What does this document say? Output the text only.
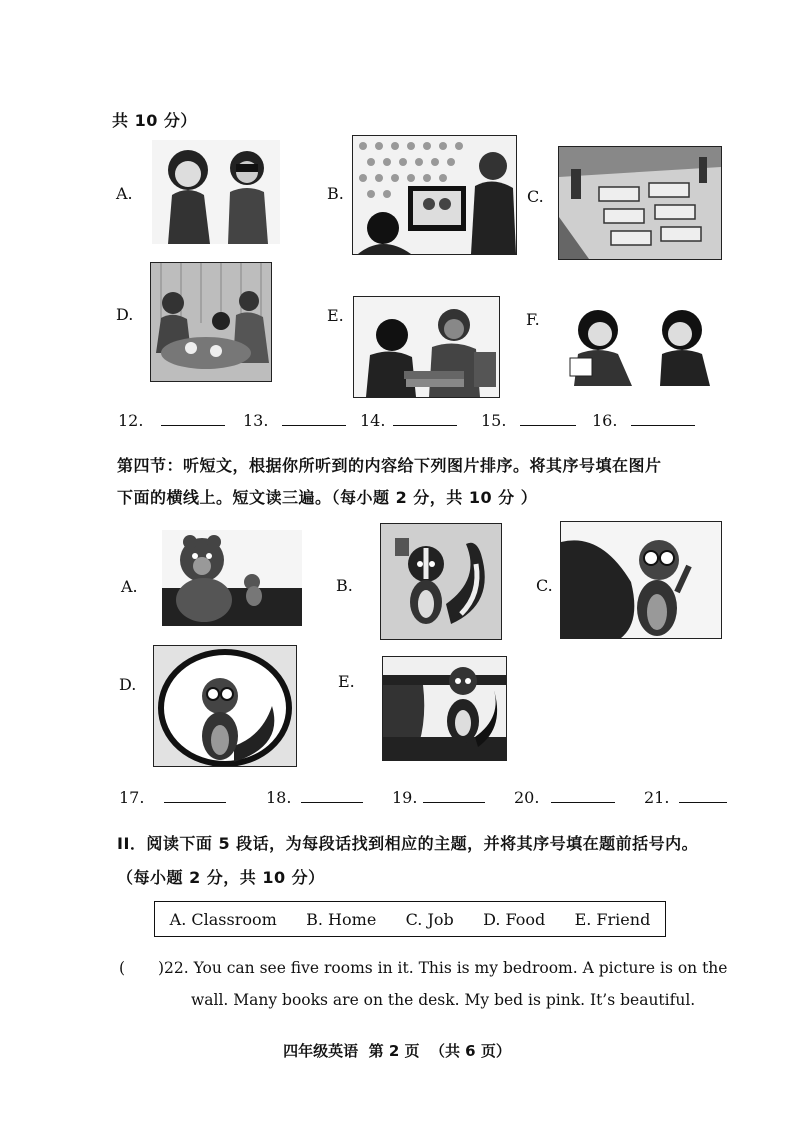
共 10 分）
A.	B.	C.
D.	E.	F.
12.	13.	14.	15.	16.
第四节：听短文，根据你所听到的内容给下列图片排序。将其序号填在图片
下面的横线上。短文读三遍。（每小题 2 分，共 10 分 ）
A.	B.	C.
D.	E.
17.	18.	19.	20.	21.
II．阅读下面 5 段话，为每段话找到相应的主题，并将其序号填在题前括号内。
（每小题 2 分，共 10 分）
A. Classroom B. Home C. Job D. Food E. Friend
( )22. You can see five rooms in it. This is my bedroom. A picture is on the
wall. Many books are on the desk. My bed is pink. It’s beautiful.
四年级英语  第 2 页  （共 6 页）
